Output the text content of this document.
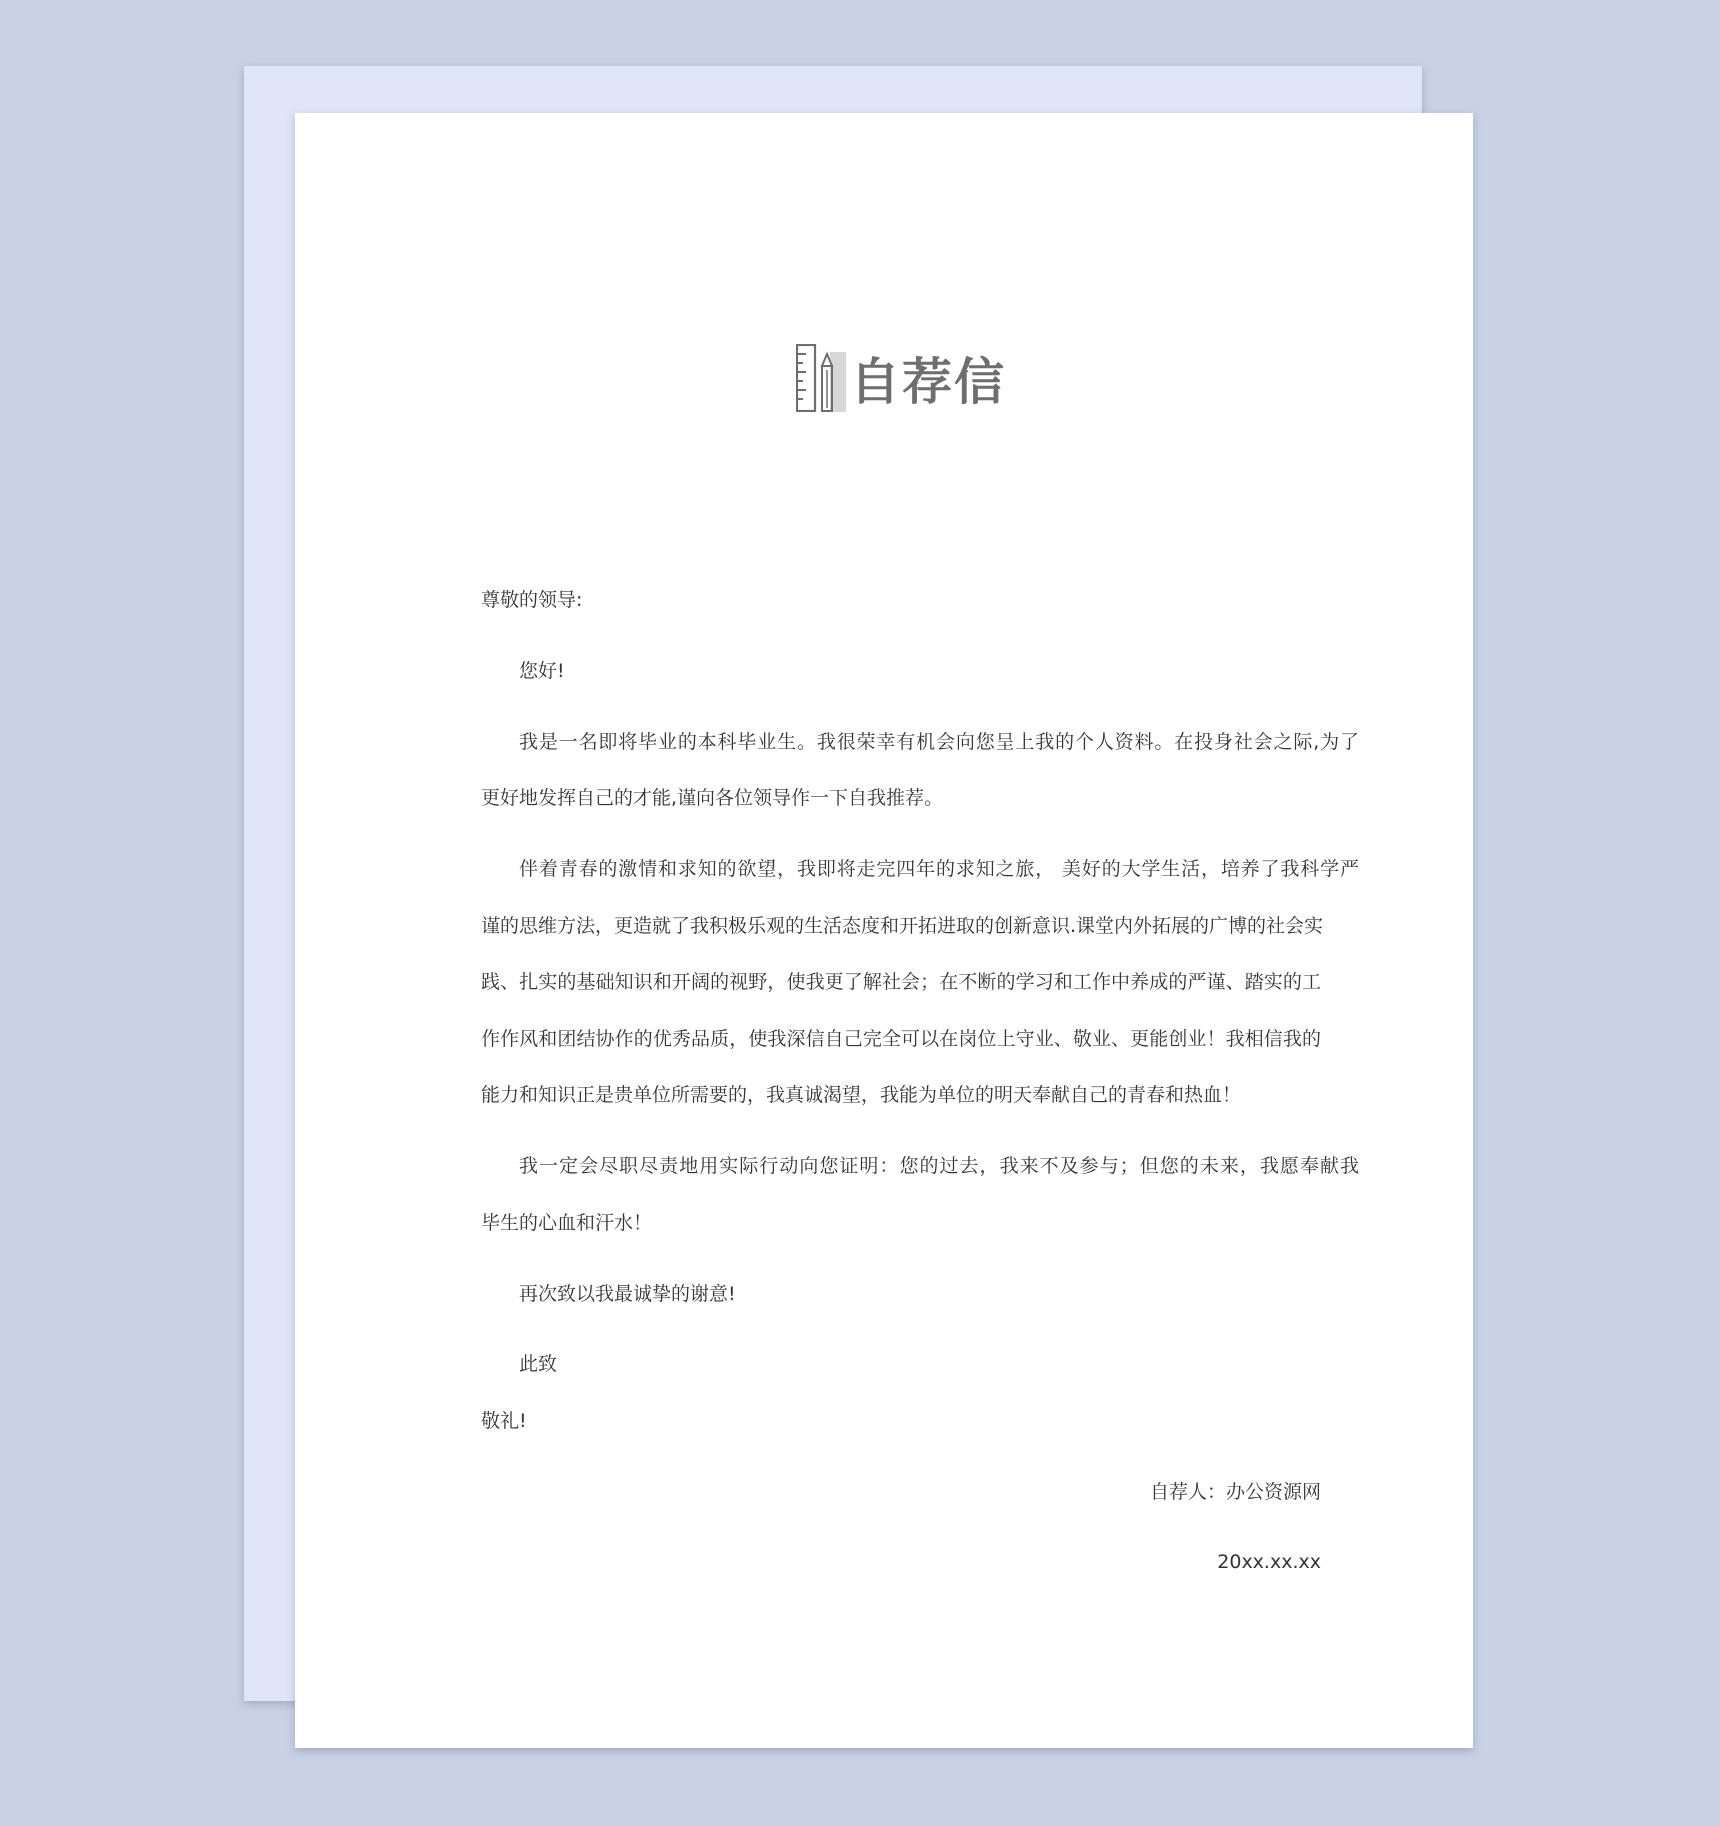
自荐信
尊敬的领导:
您好!
我是一名即将毕业的本科毕业生。我很荣幸有机会向您呈上我的个人资料。在投身社会之际,为了
更好地发挥自己的才能,谨向各位领导作一下自我推荐。
伴着青春的激情和求知的欲望，我即将走完四年的求知之旅， 美好的大学生活，培养了我科学严
谨的思维方法，更造就了我积极乐观的生活态度和开拓进取的创新意识.课堂内外拓展的广博的社会实
践、扎实的基础知识和开阔的视野，使我更了解社会；在不断的学习和工作中养成的严谨、踏实的工
作作风和团结协作的优秀品质，使我深信自己完全可以在岗位上守业、敬业、更能创业！我相信我的
能力和知识正是贵单位所需要的，我真诚渴望，我能为单位的明天奉献自己的青春和热血！
我一定会尽职尽责地用实际行动向您证明：您的过去，我来不及参与；但您的未来，我愿奉献我
毕生的心血和汗水！
再次致以我最诚挚的谢意!
此致
敬礼!
自荐人：办公资源网
20xx.xx.xx
